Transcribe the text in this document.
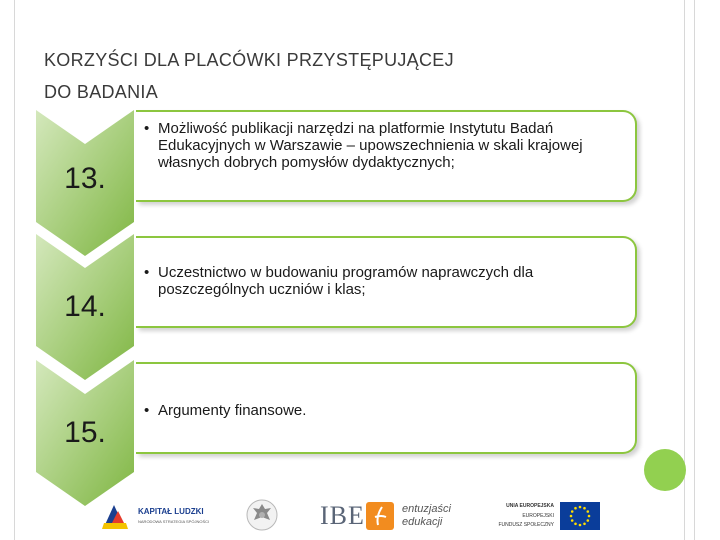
KORZYŚCI DLA PLACÓWKI PRZYSTĘPUJĄCEJ
DO BADANIA
• Możliwość publikacji narzędzi na platformie Instytutu Badań Edukacyjnych w Warszawie – upowszechnienia w skali krajowej własnych dobrych pomysłów dydaktycznych;
13.
• Uczestnictwo w budowaniu programów naprawczych dla poszczególnych uczniów i klas;
14.
• Argumenty finansowe.
15.
KAPITAŁ LUDZKI
NARODOWA STRATEGIA SPÓJNOŚCI	IBE	entuzjaści
edukacji
UNIA EUROPEJSKA
EUROPEJSKI
FUNDUSZ SPOŁECZNY
